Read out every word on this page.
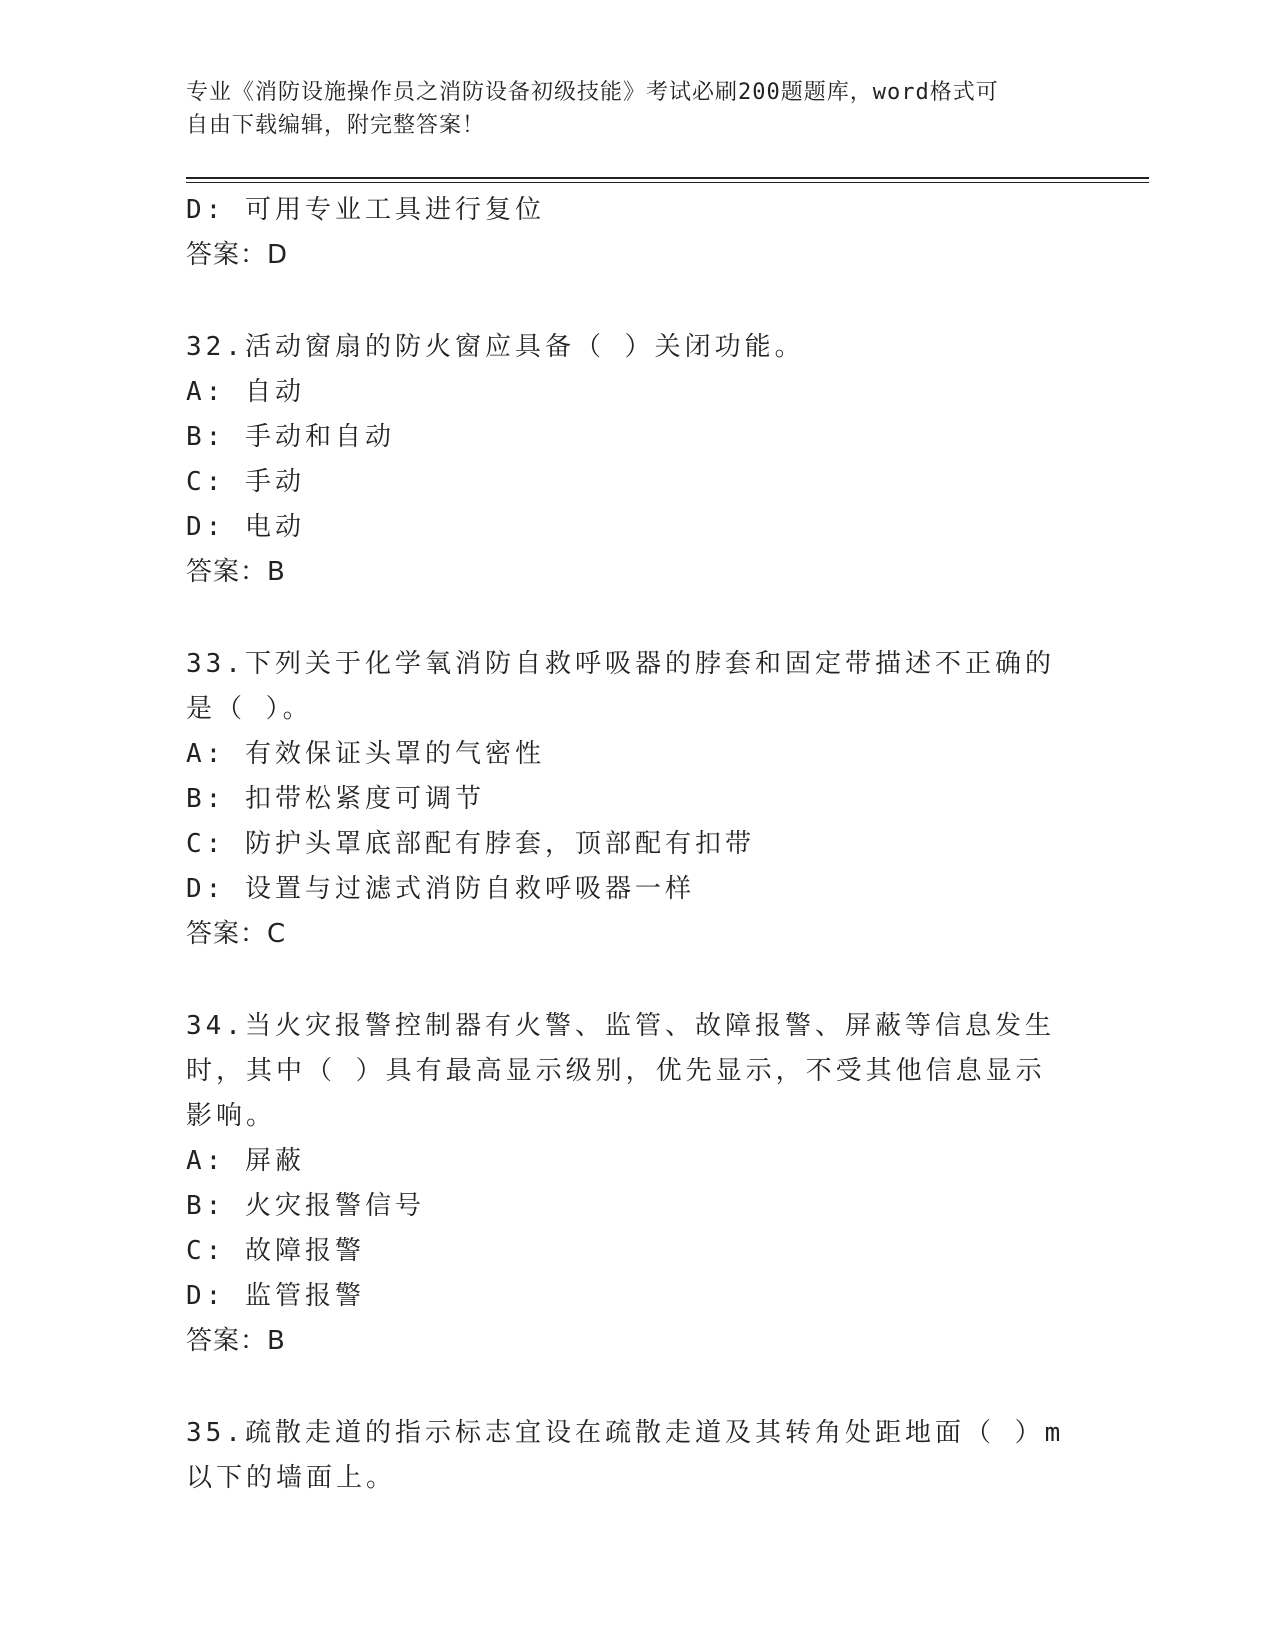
专业《消防设施操作员之消防设备初级技能》考试必刷200题题库，word格式可
自由下载编辑，附完整答案！
D: 可用专业工具进行复位
答案：D
32.活动窗扇的防火窗应具备（ ）关闭功能。
A: 自动
B: 手动和自动
C: 手动
D: 电动
答案：B
33.下列关于化学氧消防自救呼吸器的脖套和固定带描述不正确的是（ ）。
A: 有效保证头罩的气密性
B: 扣带松紧度可调节
C: 防护头罩底部配有脖套，顶部配有扣带
D: 设置与过滤式消防自救呼吸器一样
答案：C
34.当火灾报警控制器有火警、监管、故障报警、屏蔽等信息发生时，其中（ ）具有最高显示级别，优先显示，不受其他信息显示影响。
A: 屏蔽
B: 火灾报警信号
C: 故障报警
D: 监管报警
答案：B
35.疏散走道的指示标志宜设在疏散走道及其转角处距地面（ ）m以下的墙面上。
